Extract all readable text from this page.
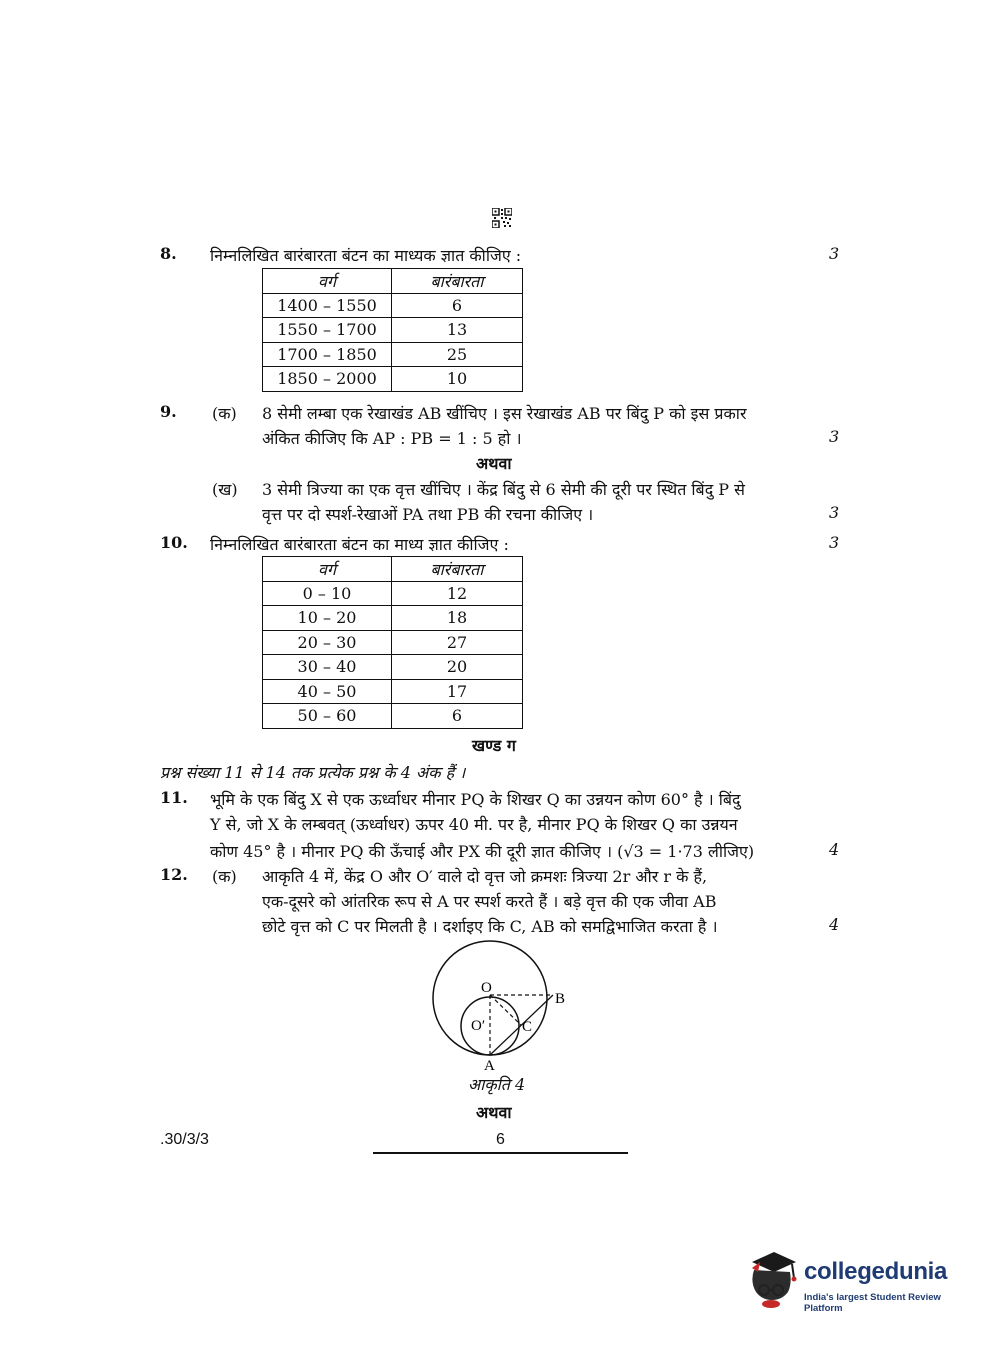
8. निम्नलिखित बारंबारता बंटन का माध्यक ज्ञात कीजिए :	3
वर्ग	बारंबारता
1400 – 1550	6
1550 – 1700	13
1700 – 1850	25
1850 – 2000	10
9. (क) 8 सेमी लम्बा एक रेखाखंड AB खींचिए । इस रेखाखंड AB पर बिंदु P को इस प्रकार
अंकित कीजिए कि AP : PB = 1 : 5 हो ।	3
अथवा
(ख) 3 सेमी त्रिज्या का एक वृत्त खींचिए । केंद्र बिंदु से 6 सेमी की दूरी पर स्थित बिंदु P से
वृत्त पर दो स्पर्श-रेखाओं PA तथा PB की रचना कीजिए ।	3
10. निम्नलिखित बारंबारता बंटन का माध्य ज्ञात कीजिए :	3
वर्ग	बारंबारता
0 – 10	12
10 – 20	18
20 – 30	27
30 – 40	20
40 – 50	17
50 – 60	6
खण्ड ग
प्रश्न संख्या 11 से 14 तक प्रत्येक प्रश्न के 4 अंक हैं ।
11. भूमि के एक बिंदु X से एक ऊर्ध्वाधर मीनार PQ के शिखर Q का उन्नयन कोण 60° है । बिंदु
Y से, जो X के लम्बवत् (ऊर्ध्वाधर) ऊपर 40 मी. पर है, मीनार PQ के शिखर Q का उन्नयन
कोण 45° है । मीनार PQ की ऊँचाई और PX की दूरी ज्ञात कीजिए । (√3 = 1·73 लीजिए)	4
12. (क) आकृति 4 में, केंद्र O और O′ वाले दो वृत्त जो क्रमशः त्रिज्या 2r और r के हैं,
एक-दूसरे को आंतरिक रूप से A पर स्पर्श करते हैं । बड़े वृत्त की एक जीवा AB
छोटे वृत्त को C पर मिलती है । दर्शाइए कि C, AB को समद्विभाजित करता है ।	4
O
O′
A
B
C
आकृति 4
अथवा
.30/3/3	6
collegedunia
India's largest Student Review Platform
